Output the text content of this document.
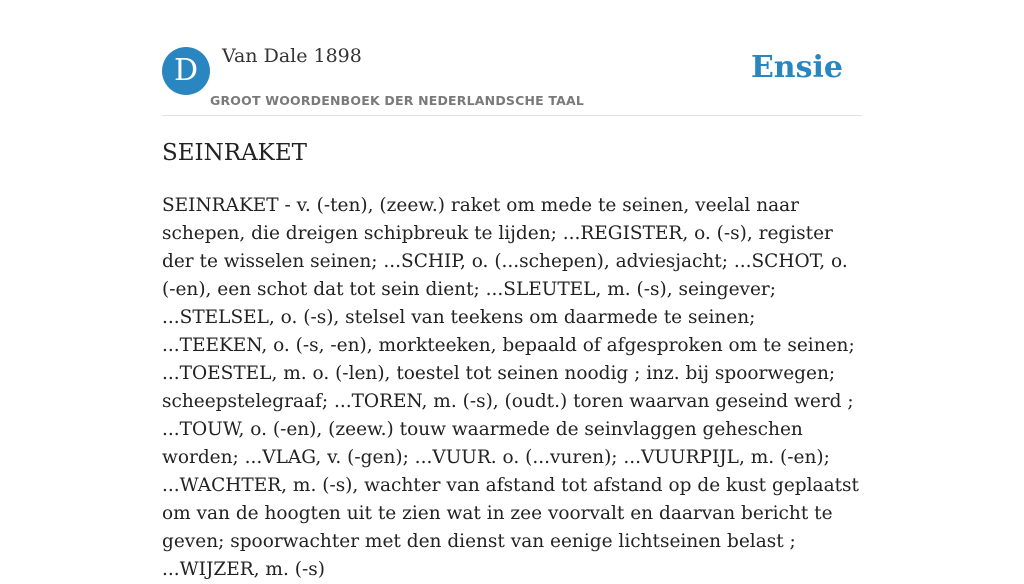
D	Van Dale 1898
GROOT WOORDENBOEK DER NEDERLANDSCHE TAAL
Ensie
SEINRAKET

SEINRAKET - v. (-ten), (zeew.) raket om mede te seinen, veelal naar schepen, die dreigen schipbreuk te lijden; ...REGISTER, o. (-s), register der te wisselen seinen; ...SCHIP, o. (...schepen), adviesjacht; ...SCHOT, o. (-en), een schot dat tot sein dient; ...SLEUTEL, m. (-s), seingever; ...STELSEL, o. (-s), stelsel van teekens om daarmede te seinen; ...TEEKEN, o. (-s, -en), morkteeken, bepaald of afgesproken om te seinen; ...TOESTEL, m. o. (-len), toestel tot seinen noodig ; inz. bij spoorwegen; scheepstelegraaf; ...TOREN, m. (-s), (oudt.) toren waarvan geseind werd ; ...TOUW, o. (-en), (zeew.) touw waarmede de seinvlaggen geheschen worden; ...VLAG, v. (-gen); ...VUUR. o. (...vuren); ...VUURPIJL, m. (-en); ...WACHTER, m. (-s), wachter van afstand tot afstand op de kust geplaatst om van de hoogten uit te zien wat in zee voorvalt en daarvan bericht te geven; spoorwachter met den dienst van eenige lichtseinen belast ; ...WIJZER, m. (-s)
